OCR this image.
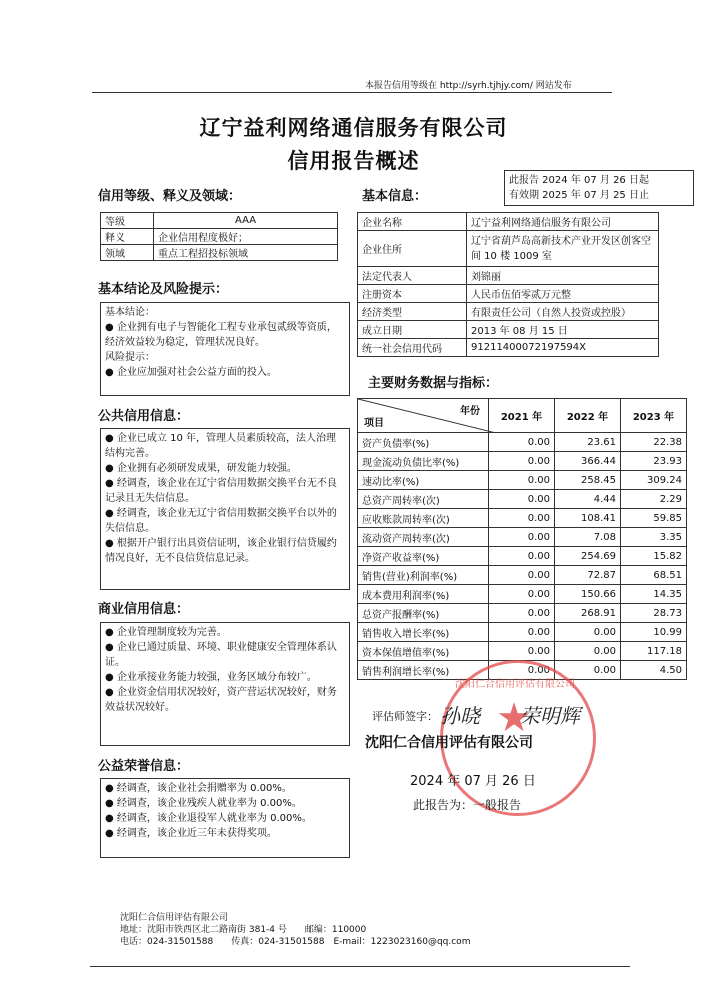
本报告信用等级在 http://syrh.tjhjy.com/ 网站发布
辽宁益利网络通信服务有限公司
信用报告概述
此报告 2024 年 07 月 26 日起
有效期 2025 年 07 月 25 日止
信用等级、释义及领域：
等级	AAA
释义	企业信用程度极好；
领域	重点工程招投标领域
基本结论及风险提示：

基本结论：

● 企业拥有电子与智能化工程专业承包贰级等资质，经济效益较为稳定，管理状况良好。

风险提示：

● 企业应加强对社会公益方面的投入。

公共信用信息：

● 企业已成立 10 年，管理人员素质较高，法人治理结构完善。

● 企业拥有必须研发成果，研发能力较强。

● 经调查，该企业在辽宁省信用数据交换平台无不良记录且无失信信息。

● 经调查，该企业无辽宁省信用数据交换平台以外的失信信息。

● 根据开户银行出具资信证明，该企业银行信贷履约情况良好，无不良信贷信息记录。

商业信用信息：

● 企业管理制度较为完善。

● 企业已通过质量、环境、职业健康安全管理体系认证。

● 企业承接业务能力较强，业务区域分布较广。

● 企业资金信用状况较好，资产营运状况较好，财务效益状况较好。

公益荣誉信息：

● 经调查，该企业社会捐赠率为 0.00%。

● 经调查，该企业残疾人就业率为 0.00%。

● 经调查，该企业退役军人就业率为 0.00%。

● 经调查，该企业近三年未获得奖项。

基本信息：
企业名称	辽宁益利网络通信服务有限公司
企业住所	辽宁省葫芦岛高新技术产业开发区创客空间 10 楼 1009 室
法定代表人	刘锦丽
注册资本	人民币伍佰零贰万元整
经济类型	有限责任公司（自然人投资或控股）
成立日期	2013 年 08 月 15 日
统一社会信用代码	91211400072197594X
主要财务数据与指标：
年份
项目	2021 年	2022 年	2023 年
资产负债率(%)	0.00	23.61	22.38
现金流动负债比率(%)	0.00	366.44	23.93
速动比率(%)	0.00	258.45	309.24
总资产周转率(次)	0.00	4.44	2.29
应收账款周转率(次)	0.00	108.41	59.85
流动资产周转率(次)	0.00	7.08	3.35
净资产收益率(%)	0.00	254.69	15.82
销售(营业)利润率(%)	0.00	72.87	68.51
成本费用利润率(%)	0.00	150.66	14.35
总资产报酬率(%)	0.00	268.91	28.73
销售收入增长率(%)	0.00	0.00	10.99
资本保值增值率(%)	0.00	0.00	117.18
销售利润增长率(%)	0.00	0.00	4.50
沈阳仁合信用评估有限公司
★
评估师签字： 孙晓 荣明辉
沈阳仁合信用评估有限公司
2024 年 07 月 26 日
此报告为：一般报告
沈阳仁合信用评估有限公司
地址：沈阳市铁西区北二路南街 381-4 号　　邮编：110000
电话：024-31501588　　传真：024-31501588　E-mail：1223023160@qq.com
